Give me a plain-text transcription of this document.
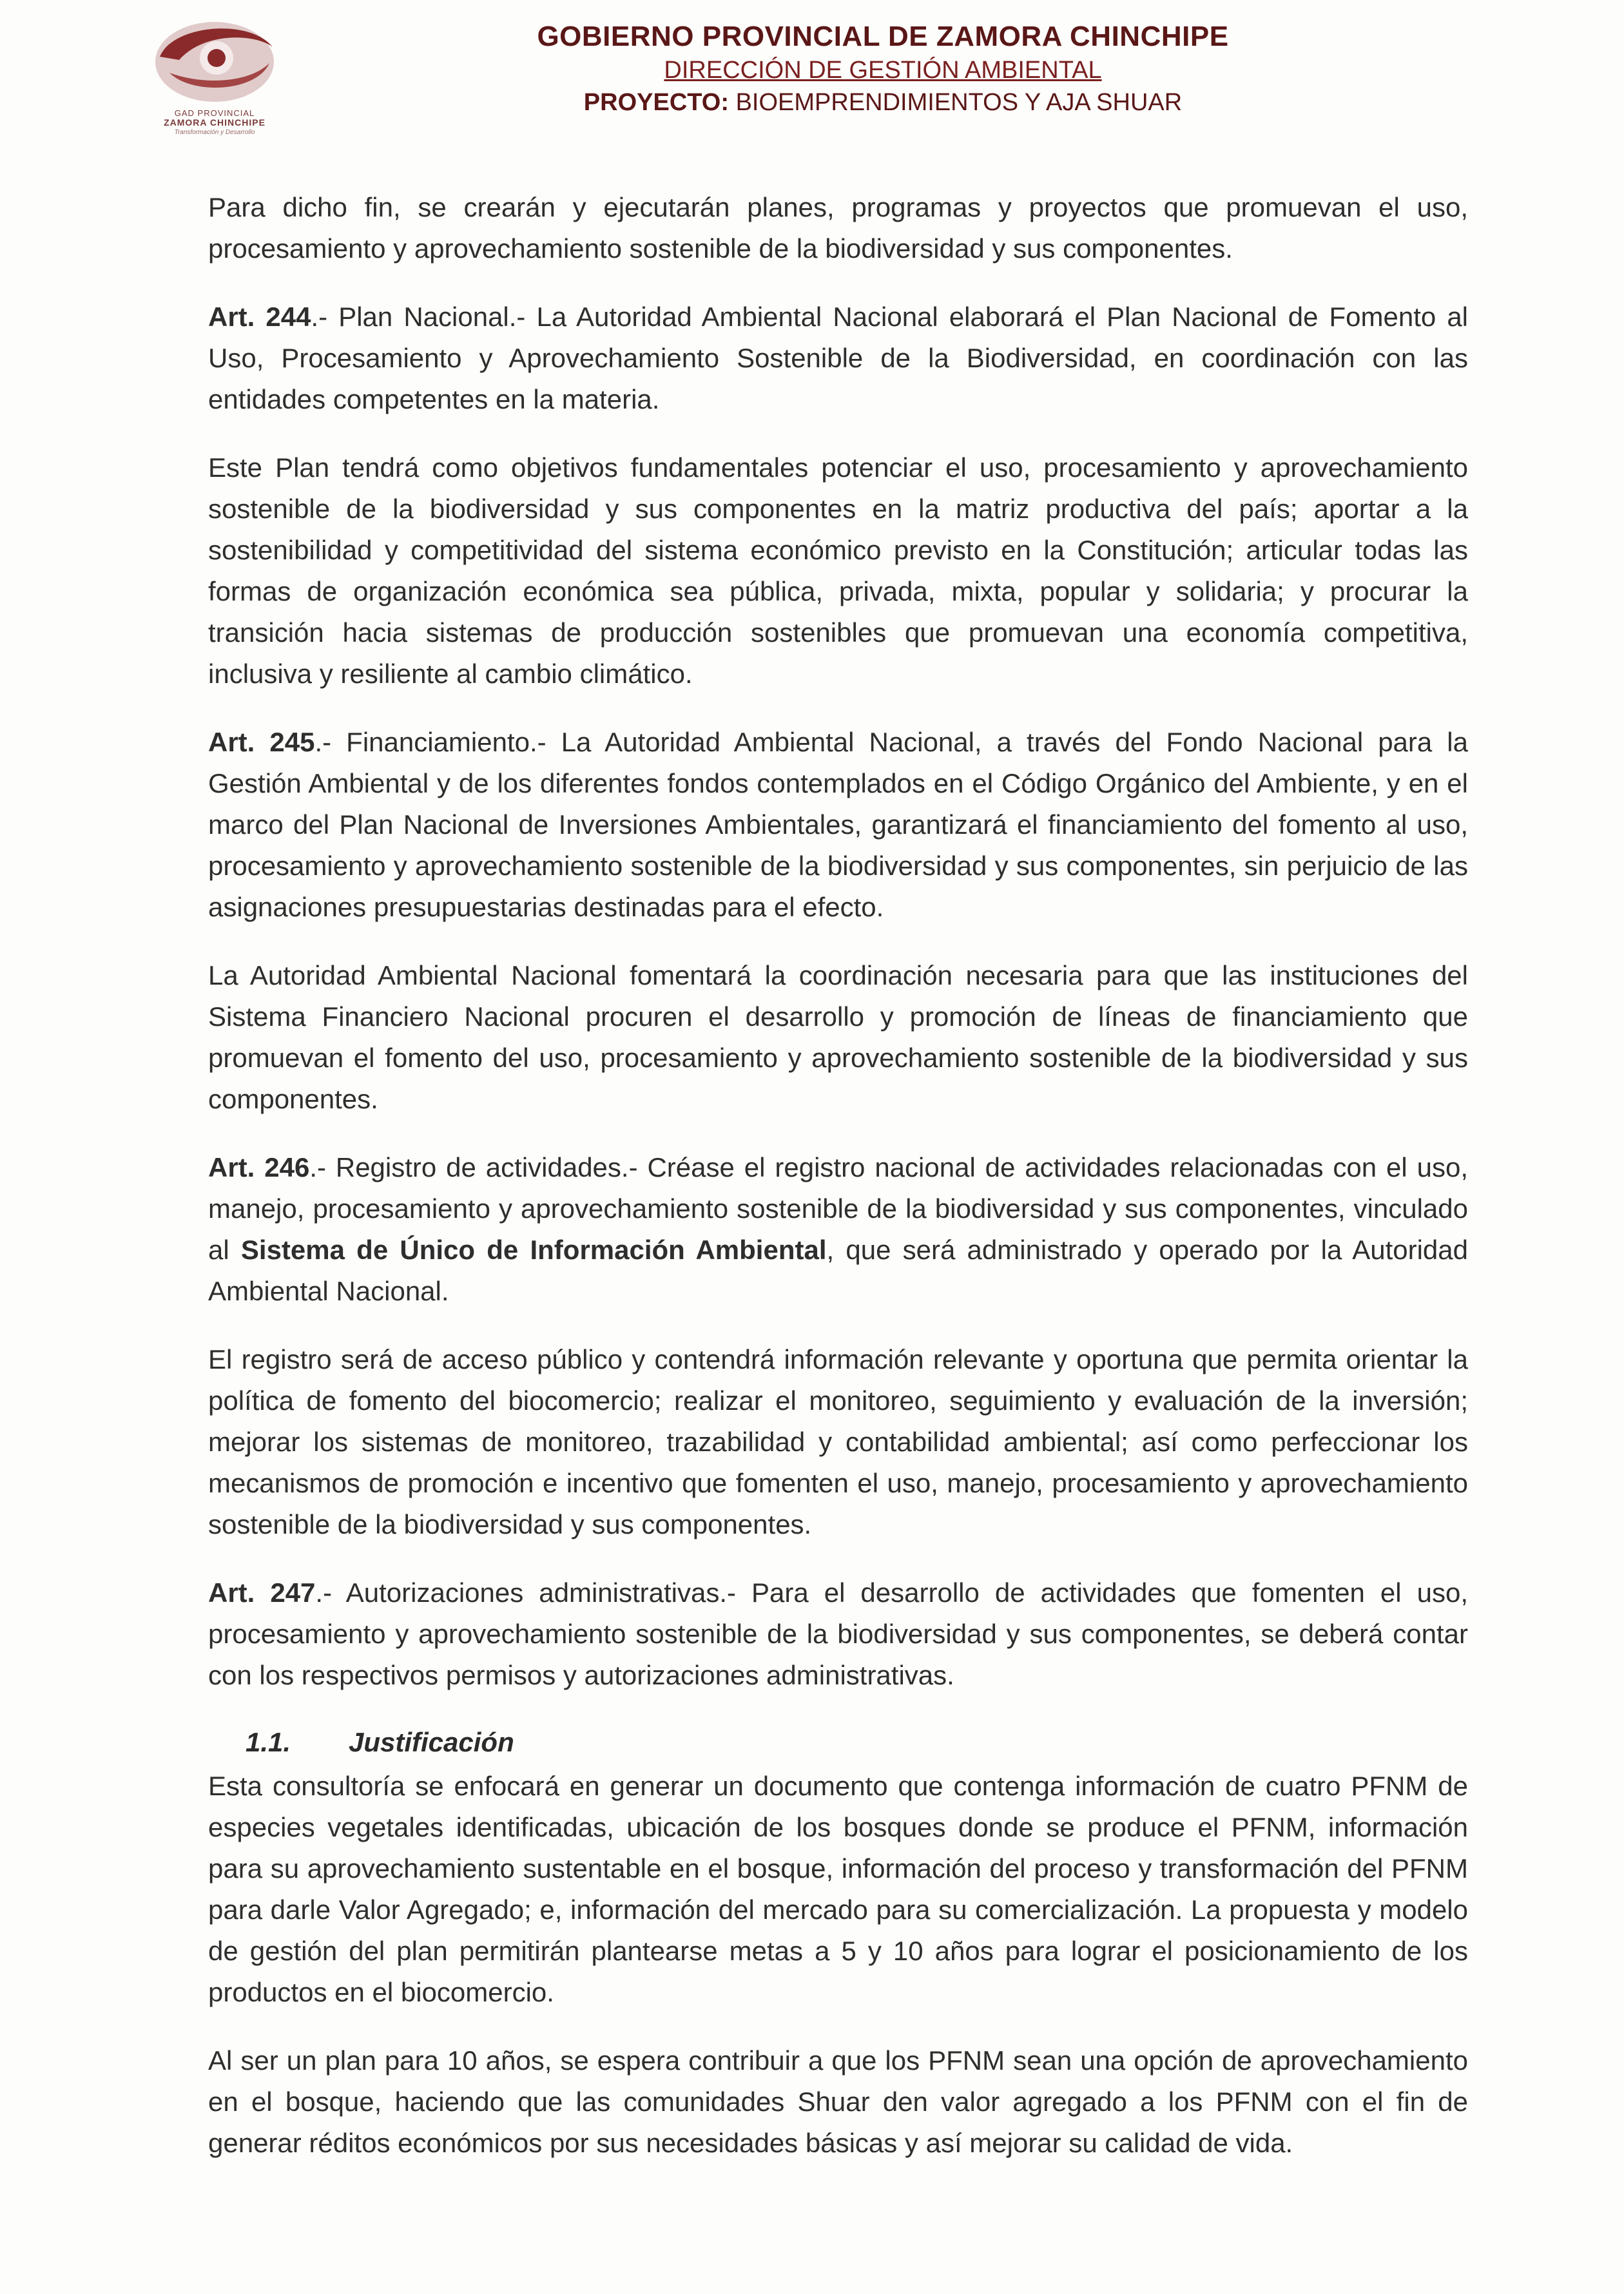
GAD PROVINCIAL
ZAMORA CHINCHIPE
Transformación y Desarrollo
GOBIERNO PROVINCIAL DE ZAMORA CHINCHIPE
DIRECCIÓN DE GESTIÓN AMBIENTAL
PROYECTO: BIOEMPRENDIMIENTOS Y AJA SHUAR

Para dicho fin, se crearán y ejecutarán planes, programas y proyectos que promuevan el uso, procesamiento y aprovechamiento sostenible de la biodiversidad y sus componentes.

Art. 244.- Plan Nacional.- La Autoridad Ambiental Nacional elaborará el Plan Nacional de Fomento al Uso, Procesamiento y Aprovechamiento Sostenible de la Biodiversidad, en coordinación con las entidades competentes en la materia.

Este Plan tendrá como objetivos fundamentales potenciar el uso, procesamiento y aprovechamiento sostenible de la biodiversidad y sus componentes en la matriz productiva del país; aportar a la sostenibilidad y competitividad del sistema económico previsto en la Constitución; articular todas las formas de organización económica sea pública, privada, mixta, popular y solidaria; y procurar la transición hacia sistemas de producción sostenibles que promuevan una economía competitiva, inclusiva y resiliente al cambio climático.

Art. 245.- Financiamiento.- La Autoridad Ambiental Nacional, a través del Fondo Nacional para la Gestión Ambiental y de los diferentes fondos contemplados en el Código Orgánico del Ambiente, y en el marco del Plan Nacional de Inversiones Ambientales, garantizará el financiamiento del fomento al uso, procesamiento y aprovechamiento sostenible de la biodiversidad y sus componentes, sin perjuicio de las asignaciones presupuestarias destinadas para el efecto.

La Autoridad Ambiental Nacional fomentará la coordinación necesaria para que las instituciones del Sistema Financiero Nacional procuren el desarrollo y promoción de líneas de financiamiento que promuevan el fomento del uso, procesamiento y aprovechamiento sostenible de la biodiversidad y sus componentes.

Art. 246.- Registro de actividades.- Créase el registro nacional de actividades relacionadas con el uso, manejo, procesamiento y aprovechamiento sostenible de la biodiversidad y sus componentes, vinculado al Sistema de Único de Información Ambiental, que será administrado y operado por la Autoridad Ambiental Nacional.

El registro será de acceso público y contendrá información relevante y oportuna que permita orientar la política de fomento del biocomercio; realizar el monitoreo, seguimiento y evaluación de la inversión; mejorar los sistemas de monitoreo, trazabilidad y contabilidad ambiental; así como perfeccionar los mecanismos de promoción e incentivo que fomenten el uso, manejo, procesamiento y aprovechamiento sostenible de la biodiversidad y sus componentes.

Art. 247.- Autorizaciones administrativas.- Para el desarrollo de actividades que fomenten el uso, procesamiento y aprovechamiento sostenible de la biodiversidad y sus componentes, se deberá contar con los respectivos permisos y autorizaciones administrativas.

1.1. Justificación

Esta consultoría se enfocará en generar un documento que contenga información de cuatro PFNM de especies vegetales identificadas, ubicación de los bosques donde se produce el PFNM, información para su aprovechamiento sustentable en el bosque, información del proceso y transformación del PFNM para darle Valor Agregado; e, información del mercado para su comercialización. La propuesta y modelo de gestión del plan permitirán plantearse metas a 5 y 10 años para lograr el posicionamiento de los productos en el biocomercio.

Al ser un plan para 10 años, se espera contribuir a que los PFNM sean una opción de aprovechamiento en el bosque, haciendo que las comunidades Shuar den valor agregado a los PFNM con el fin de generar réditos económicos por sus necesidades básicas y así mejorar su calidad de vida.
